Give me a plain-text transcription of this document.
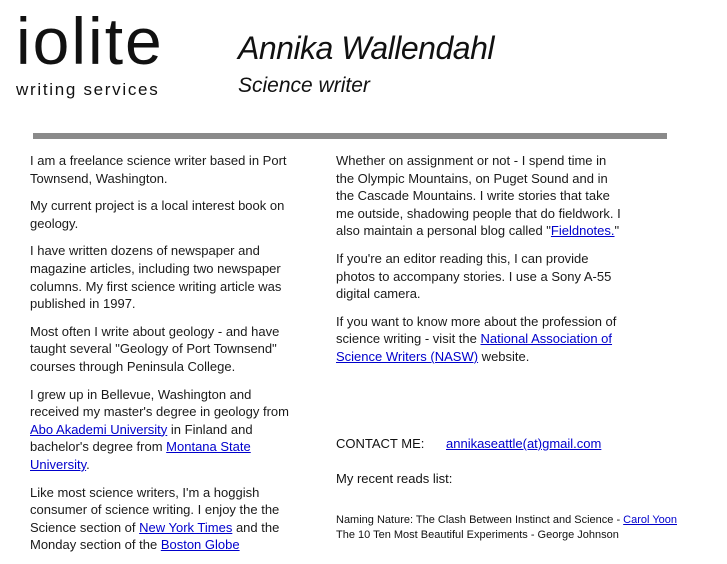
iolite
writing services
Annika Wallendahl
Science writer

I am a freelance science writer based in Port Townsend, Washington.

My current project is a local interest book on geology.

I have written dozens of newspaper and magazine articles, including two newspaper columns. My first science writing article was published in 1997.

Most often I write about geology - and have taught several "Geology of Port Townsend" courses through Peninsula College.

I grew up in Bellevue, Washington and received my master's degree in geology from Abo Akademi University in Finland and bachelor's degree from Montana State University.

Like most science writers, I'm a hoggish consumer of science writing. I enjoy the the Science section of New York Times and the Monday section of the Boston Globe

Whether on assignment or not - I spend time in the Olympic Mountains, on Puget Sound and in the Cascade Mountains. I write stories that take me outside, shadowing people that do fieldwork. I also maintain a personal blog called "Fieldnotes."

If you're an editor reading this, I can provide photos to accompany stories. I use a Sony A-55 digital camera.

If you want to know more about the profession of science writing - visit the National Association of Science Writers (NASW) website.

CONTACT ME: annikaseattle(at)gmail.com
My recent reads list:
Naming Nature: The Clash Between Instinct and Science - Carol Yoon
The 10 Ten Most Beautiful Experiments - George Johnson
